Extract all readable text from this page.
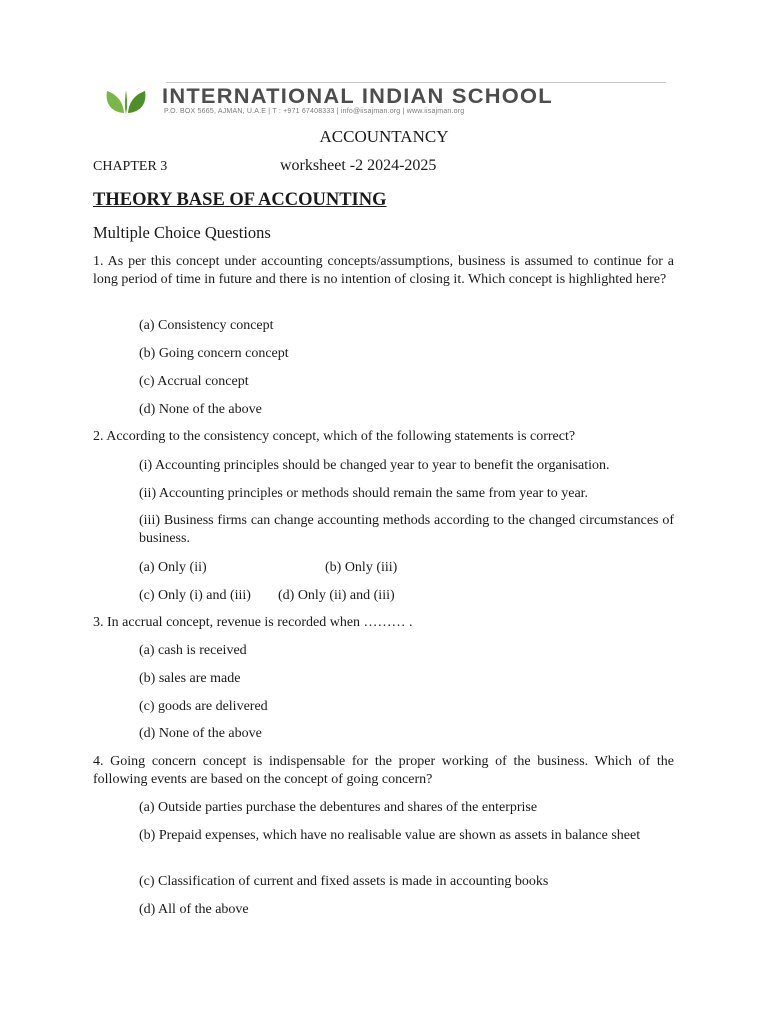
INTERNATIONAL INDIAN SCHOOL
P.O. BOX 5665, AJMAN, U.A.E | T : +971 67408333 | info@iisajman.org | www.iisajman.org
ACCOUNTANCY
CHAPTER 3	worksheet -2 2024-2025
THEORY BASE OF ACCOUNTING
Multiple Choice Questions
1. As per this concept under accounting concepts/assumptions, business is assumed to continue for a long period of time in future and there is no intention of closing it. Which concept is highlighted here?
(a) Consistency concept
(b) Going concern concept
(c) Accrual concept
(d) None of the above
2. According to the consistency concept, which of the following statements is correct?
(i) Accounting principles should be changed year to year to benefit the organisation.
(ii) Accounting principles or methods should remain the same from year to year.
(iii) Business firms can change accounting methods according to the changed circumstances of business.
(a) Only (ii)	(b) Only (iii)
(c) Only (i) and (iii) (d) Only (ii) and (iii)
3. In accrual concept, revenue is recorded when ……… .
(a) cash is received
(b) sales are made
(c) goods are delivered
(d) None of the above
4. Going concern concept is indispensable for the proper working of the business. Which of the following events are based on the concept of going concern?
(a) Outside parties purchase the debentures and shares of the enterprise
(b) Prepaid expenses, which have no realisable value are shown as assets in balance sheet
(c) Classification of current and fixed assets is made in accounting books
(d) All of the above
